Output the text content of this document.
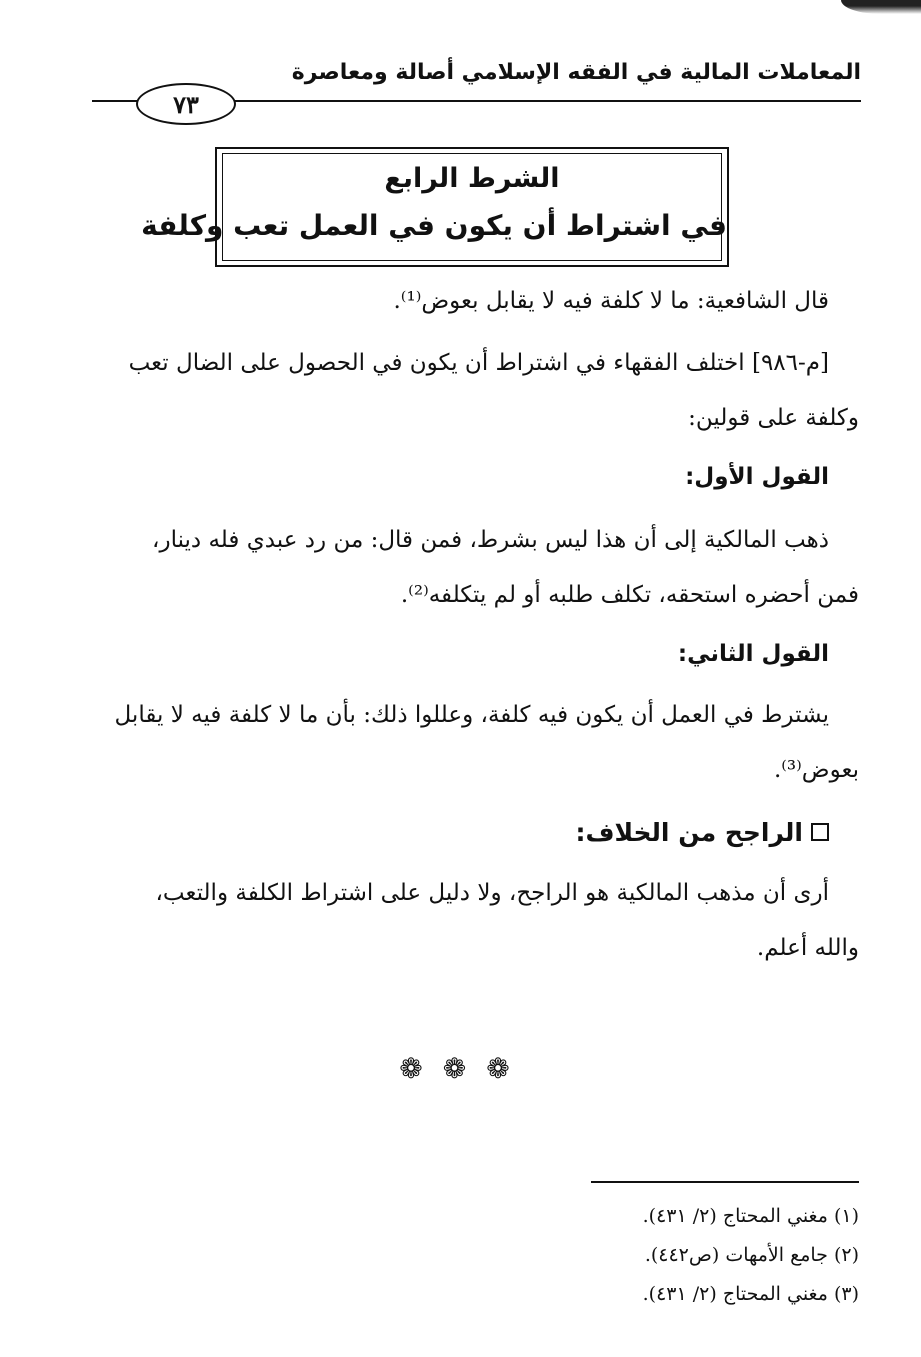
المعاملات المالية في الفقه الإسلامي أصالة ومعاصرة
٧٣
الشرط الرابع
في اشتراط أن يكون في العمل تعب وكلفة
قال الشافعية: ما لا كلفة فيه لا يقابل بعوض⁽¹⁾.
[م-٩٨٦] اختلف الفقهاء في اشتراط أن يكون في الحصول على الضال تعب
وكلفة على قولين:
القول الأول:
ذهب المالكية إلى أن هذا ليس بشرط، فمن قال: من رد عبدي فله دينار،
فمن أحضره استحقه، تكلف طلبه أو لم يتكلفه⁽²⁾.
القول الثاني:
يشترط في العمل أن يكون فيه كلفة، وعللوا ذلك: بأن ما لا كلفة فيه لا يقابل
بعوض⁽³⁾.
الراجح من الخلاف:
أرى أن مذهب المالكية هو الراجح، ولا دليل على اشتراط الكلفة والتعب،
والله أعلم.
❁ ❁ ❁
(١) مغني المحتاج (٢/ ٤٣١).
(٢) جامع الأمهات (ص٤٤٢).
(٣) مغني المحتاج (٢/ ٤٣١).
